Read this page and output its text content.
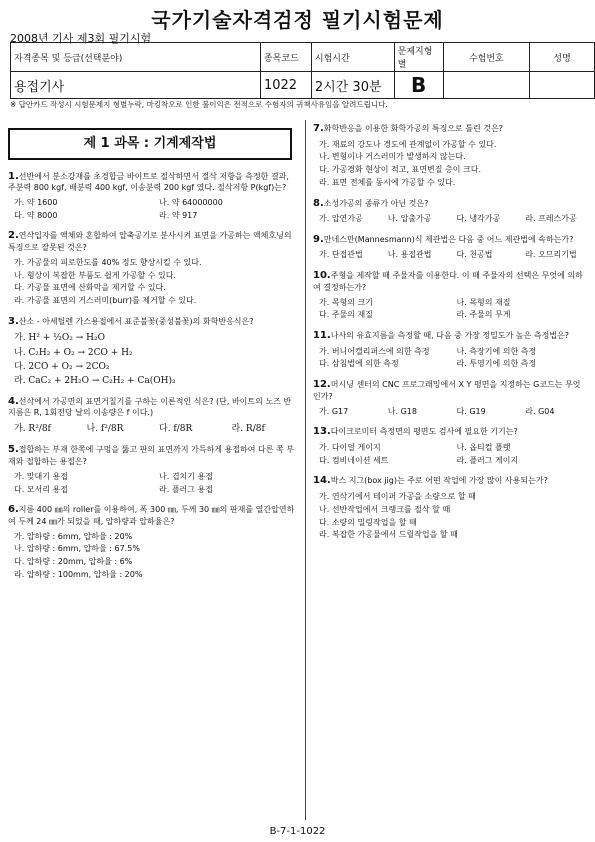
국가기술자격검정 필기시험문제
2008년 기사 제3회 필기시험
자격종목 및 등급(선택분야)	종목코드	시험시간	문제지형별	수험번호	성명
용접기사	1022	2시간 30분	B		
※ 답안카드 작성시 시험문제지 형별누락, 마킹착오로 인한 불이익은 전적으로 수험자의 귀책사유임을 알려드립니다.
제 1 과목 : 기계제작법
1.선반에서 분소강재를 초경합금 바이트로 절삭하면서 절삭 저항을 측정한 결과, 주분력 800 kgf, 배분력 400 kgf, 이송분력 200 kgf 였다. 절삭저항 P(kgf)는?
가. 약 1600	나. 약 64000000
다. 약 8000	라. 약 917
2.연삭입자를 액체와 혼합하여 압축공기로 분사시켜 표면을 가공하는 액체호닝의 특징으로 잘못된 것은?
가. 가공물의 피로한도를 40% 정도 향상시킬 수 있다.
나. 형상이 복잡한 부품도 쉽게 가공할 수 있다.
다. 가공물 표면에 산화막을 제거할 수 있다.
라. 가공물 표면의 거스러미(burr)를 제거할 수 있다.
3.산소 - 아세틸렌 가스용접에서 표준불꽃(중성불꽃)의 화학반응식은?
가. H² + ½O₂ → H₂O
나. C₂H₂ + O₂ → 2CO + H₂
다. 2CO + O₂ → 2CO₂
라. CaC₂ + 2H₂O → C₂H₂ + Ca(OH)₂
4.선삭에서 가공면의 표면거칠기를 구하는 이론적인 식은? (단, 바이트의 노즈 반지름은 R, 1회전당 날의 이송량은 f 이다.)
가. R²/8f	나. f²/8R	다. f/8R	라. R/8f
5.접합하는 부재 한쪽에 구멍을 뚫고 판의 표면까지 가득하게 용접하여 다른 쪽 부재와 접합하는 용접은?
가. 맞대기 용접	나. 겹치기 용접
다. 모서리 용접	라. 플러그 용접
6.지름 400 ㎜의 roller를 이용하여, 폭 300 ㎜, 두께 30 ㎜의 판재를 열간압연하여 두께 24 ㎜가 되었을 때, 압하량과 압하율은?
가. 압하량 : 6mm, 압하율 : 20%
나. 압하량 : 6mm, 압하율 : 67.5%
다. 압하량 : 20mm, 압하율 : 6%
라. 압하량 : 100mm, 압하율 : 20%
7.화학반응을 이용한 화학가공의 특징으로 틀린 것은?
가. 재료의 강도나 경도에 관계없이 가공할 수 있다.
나. 변형이나 거스러미가 발생하지 않는다.
다. 가공경화 현상이 적고, 표면변질 층이 크다.
라. 표면 전체를 동시에 가공할 수 있다.
8.소성가공의 종류가 아닌 것은?
가. 압연가공	나. 압출가공	다. 냉각가공	라. 프레스가공
9.만네스만(Mannesmann)식 제관법은 다음 중 어느 제관법에 속하는가?
가. 단접관법	나. 용접관법	다. 천공법	라. 오므리기법
10.주형을 제작할 때 주물자를 이용한다. 이 때 주물자의 선택은 무엇에 의하여 결정하는가?
가. 목형의 크기	나. 목형의 재질
다. 주물의 재질	라. 주물의 무게
11.나사의 유효지름을 측정할 때, 다음 중 가장 정밀도가 높은 측정법은?
가. 버니어캘리퍼스에 의한 측정	나. 측장기에 의한 측정
다. 삼침법에 의한 측정	라. 투영기에 의한 측정
12.머시닝 센터의 CNC 프로그래밍에서 X Y 평면을 지정하는 G코드는 무엇인가?
가. G17	나. G18	다. G19	라. G04
13.다이크로미터 측정면의 평면도 검사에 필요한 기기는?
가. 다이얼 게이지	나. 옵티컬 플랫
다. 컴비네이션 세트	라. 플러그 게이지
14.박스 지그(box jig)는 주로 어떤 작업에 가장 많이 사용되는가?
가. 연삭기에서 테이퍼 가공을 소량으로 할 때
나. 선반작업에서 크랭크를 절삭 할 때
다. 소량의 밀링작업을 할 때
라. 복잡한 가공물에서 드릴작업을 할 때
B-7-1-1022
